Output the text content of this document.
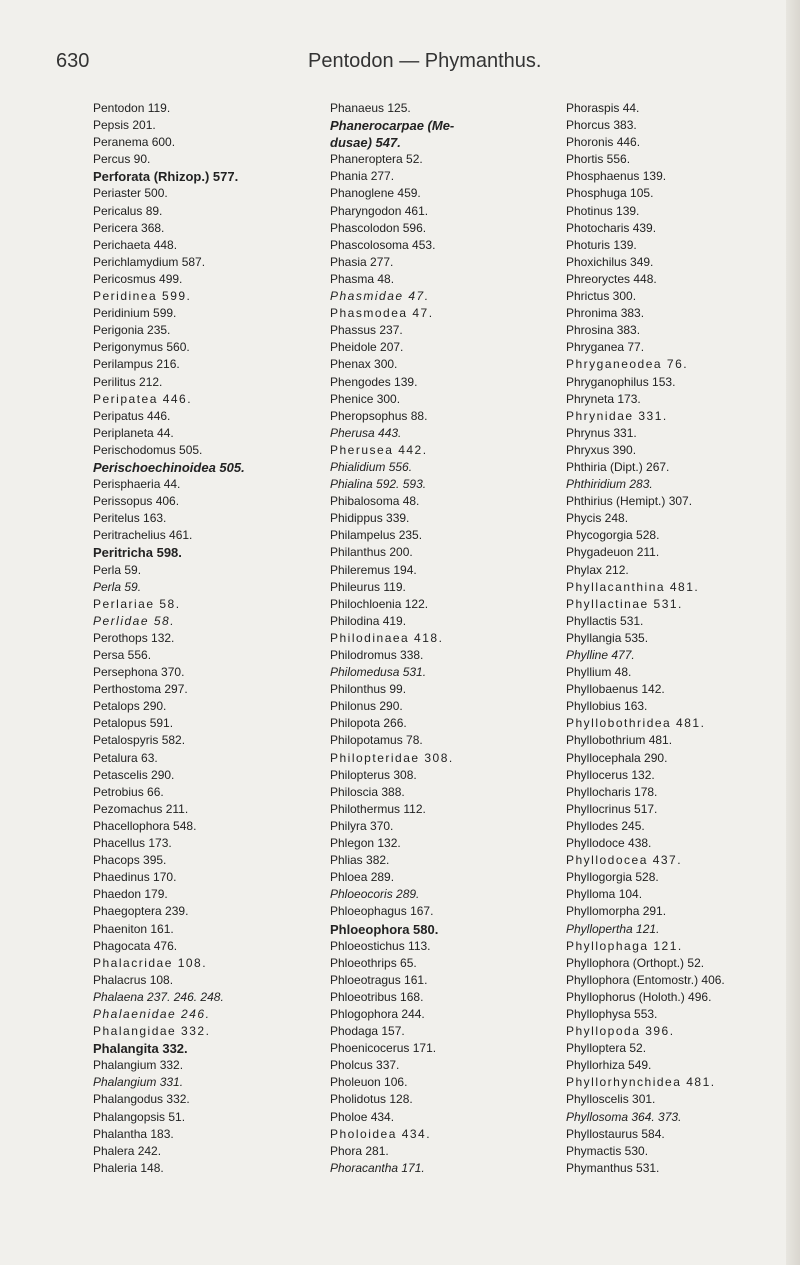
630	Pentodon — Phymanthus.
Pentodon 119.
Pepsis 201.
Peranema 600.
Percus 90.
Perforata (Rhizop.) 577.
Periaster 500.
Pericalus 89.
Pericera 368.
Perichaeta 448.
Perichlamydium 587.
Pericosmus 499.
Peridinea 599.
Peridinium 599.
Perigonia 235.
Perigonymus 560.
Perilampus 216.
Perilitus 212.
Peripatea 446.
Peripatus 446.
Periplaneta 44.
Perischodomus 505.
Perischoechinoidea 505.
Perisphaeria 44.
Perissopus 406.
Peritelus 163.
Peritrachelius 461.
Peritricha 598.
Perla 59.
Perla 59.
Perlariae 58.
Perlidae 58.
Perothops 132.
Persa 556.
Persephona 370.
Perthostoma 297.
Petalops 290.
Petalopus 591.
Petalospyris 582.
Petalura 63.
Petascelis 290.
Petrobius 66.
Pezomachus 211.
Phacellophora 548.
Phacellus 173.
Phacops 395.
Phaedinus 170.
Phaedon 179.
Phaegoptera 239.
Phaeniton 161.
Phagocata 476.
Phalacridae 108.
Phalacrus 108.
Phalaena 237. 246. 248.
Phalaenidae 246.
Phalangidae 332.
Phalangita 332.
Phalangium 332.
Phalangium 331.
Phalangodus 332.
Phalangopsis 51.
Phalantha 183.
Phalera 242.
Phaleria 148.
Phanaeus 125.
Phanerocarpae (Me-
dusae) 547.
Phaneroptera 52.
Phania 277.
Phanoglene 459.
Pharyngodon 461.
Phascolodon 596.
Phascolosoma 453.
Phasia 277.
Phasma 48.
Phasmidae 47.
Phasmodea 47.
Phassus 237.
Pheidole 207.
Phenax 300.
Phengodes 139.
Phenice 300.
Pheropsophus 88.
Pherusa 443.
Pherusea 442.
Phialidium 556.
Phialina 592. 593.
Phibalosoma 48.
Phidippus 339.
Philampelus 235.
Philanthus 200.
Phileremus 194.
Phileurus 119.
Philochloenia 122.
Philodina 419.
Philodinaea 418.
Philodromus 338.
Philomedusa 531.
Philonthus 99.
Philonus 290.
Philopota 266.
Philopotamus 78.
Philopteridae 308.
Philopterus 308.
Philoscia 388.
Philothermus 112.
Philyra 370.
Phlegon 132.
Phlias 382.
Phloea 289.
Phloeocoris 289.
Phloeophagus 167.
Phloeophora 580.
Phloeostichus 113.
Phloeothrips 65.
Phloeotragus 161.
Phloeotribus 168.
Phlogophora 244.
Phodaga 157.
Phoenicocerus 171.
Pholcus 337.
Pholeuon 106.
Pholidotus 128.
Pholoe 434.
Pholoidea 434.
Phora 281.
Phoracantha 171.
Phoraspis 44.
Phorcus 383.
Phoronis 446.
Phortis 556.
Phosphaenus 139.
Phosphuga 105.
Photinus 139.
Photocharis 439.
Photuris 139.
Phoxichilus 349.
Phreoryctes 448.
Phrictus 300.
Phronima 383.
Phrosina 383.
Phryganea 77.
Phryganeodea 76.
Phryganophilus 153.
Phryneta 173.
Phrynidae 331.
Phrynus 331.
Phryxus 390.
Phthiria (Dipt.) 267.
Phthiridium 283.
Phthirius (Hemipt.) 307.
Phycis 248.
Phycogorgia 528.
Phygadeuon 211.
Phylax 212.
Phyllacanthina 481.
Phyllactinae 531.
Phyllactis 531.
Phyllangia 535.
Phylline 477.
Phyllium 48.
Phyllobaenus 142.
Phyllobius 163.
Phyllobothridea 481.
Phyllobothrium 481.
Phyllocephala 290.
Phyllocerus 132.
Phyllocharis 178.
Phyllocrinus 517.
Phyllodes 245.
Phyllodoce 438.
Phyllodocea 437.
Phyllogorgia 528.
Phylloma 104.
Phyllomorpha 291.
Phyllopertha 121.
Phyllophaga 121.
Phyllophora (Orthopt.) 52.
Phyllophora (Entomostr.) 406.
Phyllophorus (Holoth.) 496.
Phyllophysa 553.
Phyllopoda 396.
Phylloptera 52.
Phyllorhiza 549.
Phyllorhynchidea 481.
Phylloscelis 301.
Phyllosoma 364. 373.
Phyllostaurus 584.
Phymactis 530.
Phymanthus 531.
